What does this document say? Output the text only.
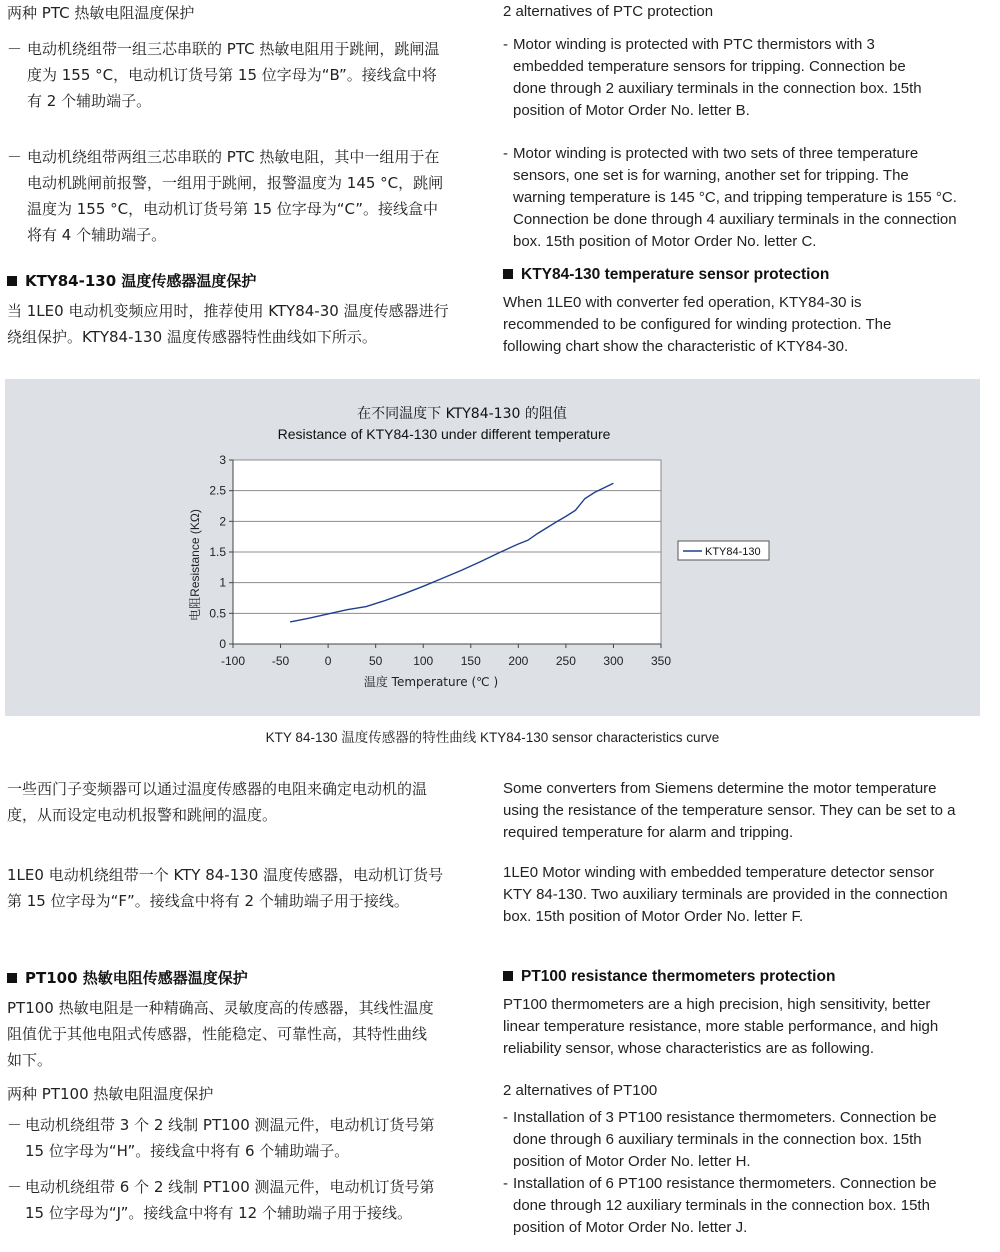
两种 PTC 热敏电阻温度保护
－ 电动机绕组带一组三芯串联的 PTC 热敏电阻用于跳闸，跳闸温
度为 155 °C，电动机订货号第 15 位字母为“B”。接线盒中将
有 2 个辅助端子。
－ 电动机绕组带两组三芯串联的 PTC 热敏电阻，其中一组用于在
电动机跳闸前报警，一组用于跳闸，报警温度为 145 °C，跳闸
温度为 155 °C，电动机订货号第 15 位字母为“C”。接线盒中
将有 4 个辅助端子。
KTY84-130 温度传感器温度保护
当 1LE0 电动机变频应用时，推荐使用 KTY84-30 温度传感器进行
绕组保护。KTY84-130 温度传感器特性曲线如下所示。
2 alternatives of PTC protection
- Motor winding is protected with PTC thermistors with 3
embedded temperature sensors for tripping. Connection be
done through 2 auxiliary terminals in the connection box. 15th
position of Motor Order No. letter B.
- Motor winding is protected with two sets of three temperature
sensors, one set is for warning, another set for tripping. The
warning temperature is 145 °C, and tripping temperature is 155 °C.
Connection be done through 4 auxiliary terminals in the connection
box. 15th position of Motor Order No. letter C.
KTY84-130 temperature sensor protection
When 1LE0 with converter fed operation, KTY84-30 is
recommended to be configured for winding protection. The
following chart show the characteristic of KTY84-30.
0
0.5
1
1.5
2
2.5
3
-100 -50	0	50	100 150 200 250 300 350
在不同温度下 KTY84-130 的阻值
Resistance of KTY84-130 under different temperature
温度 Temperature (℃ )
Resistance (KΩ)
电阻
KTY84-130
KTY 84-130 温度传感器的特性曲线 KTY84-130 sensor characteristics curve
一些西门子变频器可以通过温度传感器的电阻来确定电动机的温
度，从而设定电动机报警和跳闸的温度。
1LE0 电动机绕组带一个 KTY 84-130 温度传感器，电动机订货号
第 15 位字母为“F”。接线盒中将有 2 个辅助端子用于接线。
PT100 热敏电阻传感器温度保护
PT100 热敏电阻是一种精确高、灵敏度高的传感器，其线性温度
阻值优于其他电阻式传感器，性能稳定、可靠性高，其特性曲线
如下。
两种 PT100 热敏电阻温度保护
－ 电动机绕组带 3 个 2 线制 PT100 测温元件，电动机订货号第
15 位字母为“H”。接线盒中将有 6 个辅助端子。
－ 电动机绕组带 6 个 2 线制 PT100 测温元件，电动机订货号第
15 位字母为“J”。接线盒中将有 12 个辅助端子用于接线。
Some converters from Siemens determine the motor temperature
using the resistance of the temperature sensor. They can be set to a
required temperature for alarm and tripping.
1LE0 Motor winding with embedded temperature detector sensor
KTY 84-130. Two auxiliary terminals are provided in the connection
box. 15th position of Motor Order No. letter F.
PT100 resistance thermometers protection
PT100 thermometers are a high precision, high sensitivity, better
linear temperature resistance, more stable performance, and high
reliability sensor, whose characteristics are as following.
2 alternatives of PT100
- Installation of 3 PT100 resistance thermometers. Connection be
done through 6 auxiliary terminals in the connection box. 15th
position of Motor Order No. letter H.
- Installation of 6 PT100 resistance thermometers. Connection be
done through 12 auxiliary terminals in the connection box. 15th
position of Motor Order No. letter J.
